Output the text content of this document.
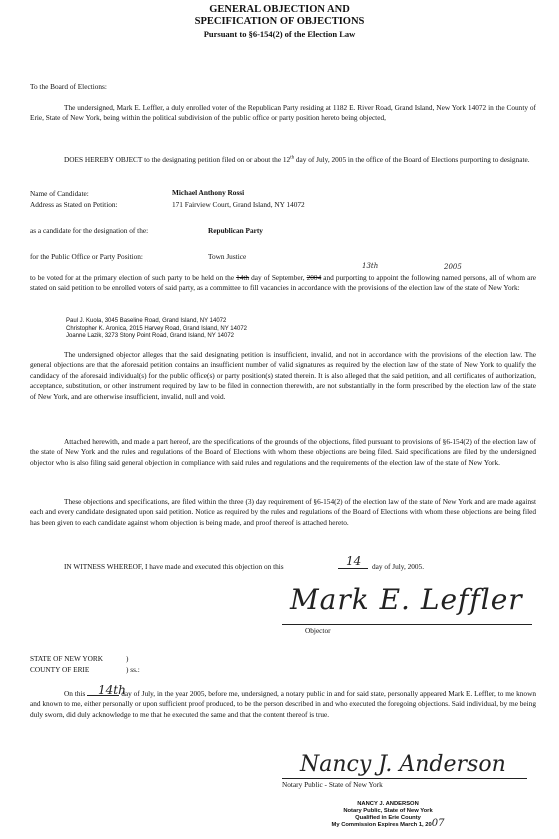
GENERAL OBJECTION AND
SPECIFICATION OF OBJECTIONS
Pursuant to §6-154(2) of the Election Law
To the Board of Elections:
The undersigned, Mark E. Leffler, a duly enrolled voter of the Republican Party residing at 1182 E. River Road, Grand Island, New York 14072 in the County of Erie, State of New York, being within the political subdivision of the public office or party position hereto being objected,
DOES HEREBY OBJECT to the designating petition filed on or about the 12th day of July, 2005 in the office of the Board of Elections purporting to designate.
Name of Candidate:	Michael Anthony Rossi
Address as Stated on Petition:	171 Fairview Court, Grand Island, NY 14072
as a candidate for the designation of the:	Republican Party
for the Public Office or Party Position:	Town Justice
13th	2005
to be voted for at the primary election of such party to be held on the 14th day of September, 2004 and purporting to appoint the following named persons, all of whom are stated on said petition to be enrolled voters of said party, as a committee to fill vacancies in accordance with the provisions of the election law of the state of New York:
Paul J. Kuola, 3045 Baseline Road, Grand Island, NY 14072
Christopher K. Aronica, 2015 Harvey Road, Grand Island, NY 14072
Joanne Lazik, 3273 Stony Point Road, Grand Island, NY 14072
The undersigned objector alleges that the said designating petition is insufficient, invalid, and not in accordance with the provisions of the election law. The general objections are that the aforesaid petition contains an insufficient number of valid signatures as required by the election law of the state of New York to qualify the candidacy of the aforesaid individual(s) for the public office(s) or party position(s) stated therein. It is also alleged that the said petition, and all certificates of authorization, acceptance, substitution, or other instrument required by law to be filed in connection therewith, are not substantially in the form prescribed by the election law of the state of New York, and are otherwise insufficient, invalid, null and void.
Attached herewith, and made a part hereof, are the specifications of the grounds of the objections, filed pursuant to provisions of §6-154(2) of the election law of the state of New York and the rules and regulations of the Board of Elections with whom these objections are being filed. Said specifications are filed by the undersigned objector who is also filing said general objection in compliance with said rules and regulations and the requirements of the election law of the state of New York.
These objections and specifications, are filed within the three (3) day requirement of §6-154(2) of the election law of the state of New York and are made against each and every candidate designated upon said petition. Notice as required by the rules and regulations of the Board of Elections with whom these objections are being filed has been given to each candidate against whom objection is being made, and proof thereof is attached hereto.
IN WITNESS WHEREOF, I have made and executed this objection on this	14 day of July, 2005.
Mark E. Leffler
Objector
STATE OF NEW YORK	)
COUNTY OF ERIE	) ss.:
14th
On this	day of July, in the year 2005, before me, undersigned, a notary public in and for said state, personally appeared Mark E. Leffler, to me known and known to me, either personally or upon sufficient proof produced, to be the person described in and who executed the foregoing objections. Said individual, by me being duly sworn, did duly acknowledge to me that he executed the same and that the content thereof is true.
Nancy J. Anderson
Notary Public - State of New York
NANCY J. ANDERSON
Notary Public, State of New York
Qualified in Erie County
My Commission Expires March 1, 2007
